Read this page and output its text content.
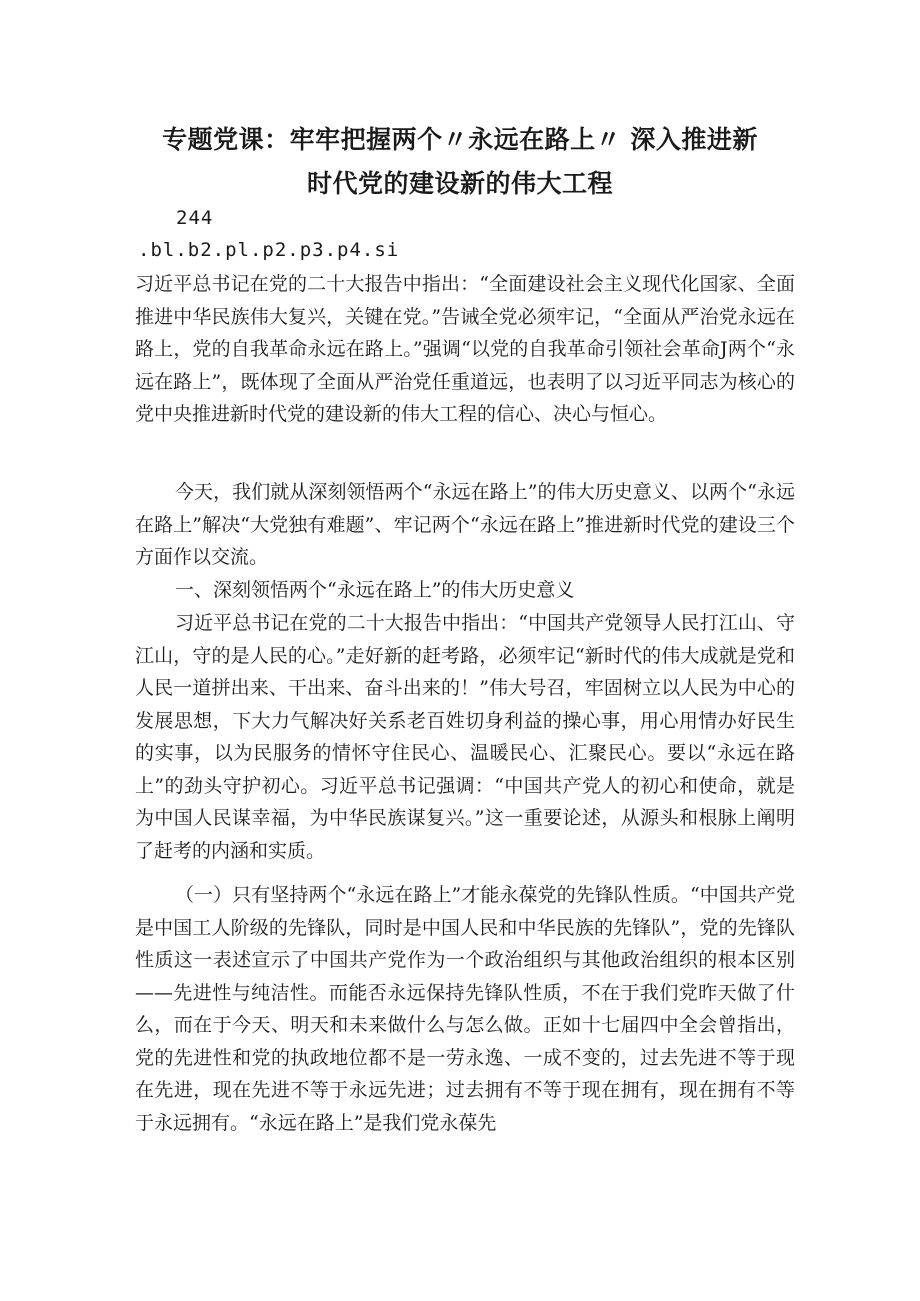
专题党课：牢牢把握两个〃永远在路上〃 深入推进新
时代党的建设新的伟大工程
244
.bl.b2.pl.p2.p3.p4.si
习近平总书记在党的二十大报告中指出：“全面建设社会主义现代化国家、全面推进中华民族伟大复兴，关键在党。”告诫全党必须牢记，“全面从严治党永远在路上，党的自我革命永远在路上。”强调“以党的自我革命引领社会革命J两个“永远在路上”，既体现了全面从严治党任重道远，也表明了以习近平同志为核心的党中央推进新时代党的建设新的伟大工程的信心、决心与恒心。
今天，我们就从深刻领悟两个“永远在路上”的伟大历史意义、以两个“永远在路上”解决“大党独有难题”、牢记两个“永远在路上”推进新时代党的建设三个方面作以交流。
一、深刻领悟两个“永远在路上”的伟大历史意义
习近平总书记在党的二十大报告中指出：“中国共产党领导人民打江山、守江山，守的是人民的心。”走好新的赶考路，必须牢记“新时代的伟大成就是党和人民一道拼出来、干出来、奋斗出来的！”伟大号召，牢固树立以人民为中心的发展思想，下大力气解决好关系老百姓切身利益的操心事，用心用情办好民生的实事，以为民服务的情怀守住民心、温暖民心、汇聚民心。要以“永远在路上”的劲头守护初心。习近平总书记强调：“中国共产党人的初心和使命，就是为中国人民谋幸福，为中华民族谋复兴。”这一重要论述，从源头和根脉上阐明了赶考的内涵和实质。
（一）只有坚持两个“永远在路上”才能永葆党的先锋队性质。“中国共产党是中国工人阶级的先锋队，同时是中国人民和中华民族的先锋队”，党的先锋队性质这一表述宣示了中国共产党作为一个政治组织与其他政治组织的根本区别——先进性与纯洁性。而能否永远保持先锋队性质，不在于我们党昨天做了什么，而在于今天、明天和未来做什么与怎么做。正如十七届四中全会曾指出，党的先进性和党的执政地位都不是一劳永逸、一成不变的，过去先进不等于现在先进，现在先进不等于永远先进；过去拥有不等于现在拥有，现在拥有不等于永远拥有。“永远在路上”是我们党永葆先
